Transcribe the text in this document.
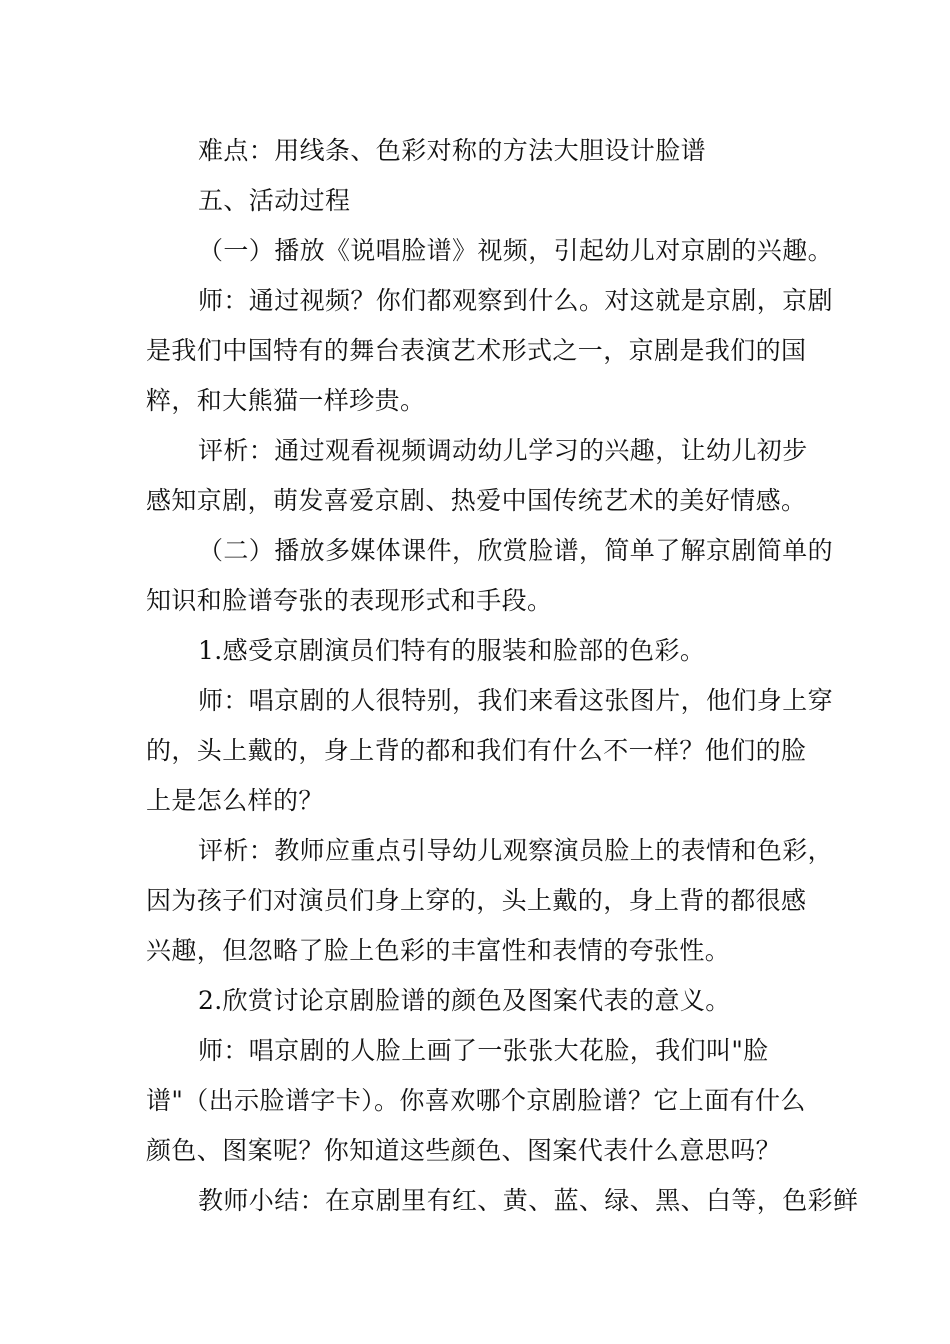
难点：用线条、色彩对称的方法大胆设计脸谱
五、活动过程
（一）播放《说唱脸谱》视频，引起幼儿对京剧的兴趣。
师：通过视频？你们都观察到什么。对这就是京剧，京剧
是我们中国特有的舞台表演艺术形式之一，京剧是我们的国
粹，和大熊猫一样珍贵。
评析：通过观看视频调动幼儿学习的兴趣，让幼儿初步
感知京剧，萌发喜爱京剧、热爱中国传统艺术的美好情感。
（二）播放多媒体课件，欣赏脸谱，简单了解京剧简单的
知识和脸谱夸张的表现形式和手段。
1.感受京剧演员们特有的服装和脸部的色彩。
师：唱京剧的人很特别，我们来看这张图片，他们身上穿
的，头上戴的，身上背的都和我们有什么不一样？他们的脸
上是怎么样的？
评析：教师应重点引导幼儿观察演员脸上的表情和色彩，
因为孩子们对演员们身上穿的，头上戴的，身上背的都很感
兴趣，但忽略了脸上色彩的丰富性和表情的夸张性。
2.欣赏讨论京剧脸谱的颜色及图案代表的意义。
师：唱京剧的人脸上画了一张张大花脸，我们叫"脸
谱"（出示脸谱字卡）。你喜欢哪个京剧脸谱？它上面有什么
颜色、图案呢？你知道这些颜色、图案代表什么意思吗？
教师小结：在京剧里有红、黄、蓝、绿、黑、白等，色彩鲜
